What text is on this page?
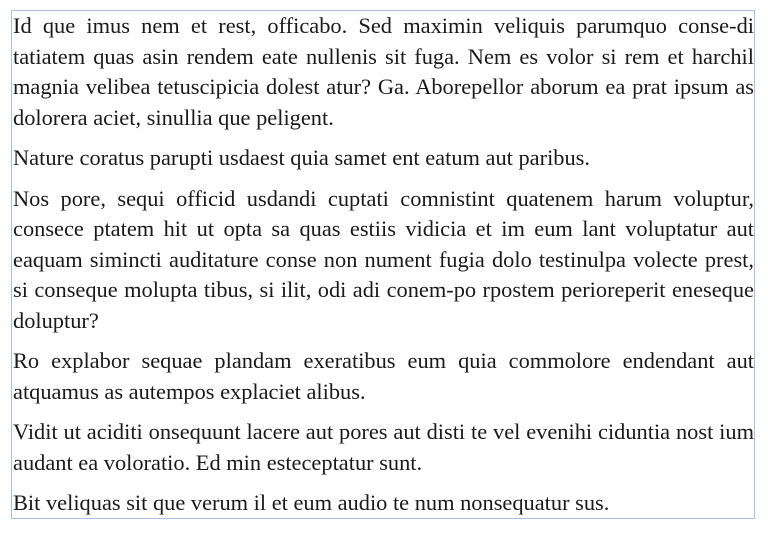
Id que imus nem et rest, officabo. Sed maximin veliquis parumquo conse-di tatiatem quas asin rendem eate nullenis sit fuga. Nem es volor si rem et harchil magnia velibea tetuscipicia dolest atur? Ga. Aborepellor aborum ea prat ipsum as dolorera aciet, sinullia que peligent.

Nature coratus parupti usdaest quia samet ent eatum aut paribus.

Nos pore, sequi officid usdandi cuptati comnistint quatenem harum voluptur, consece ptatem hit ut opta sa quas estiis vidicia et im eum lant voluptatur aut eaquam simincti auditature conse non nument fugia dolo testinulpa volecte prest, si conseque molupta tibus, si ilit, odi adi conem-po rpostem perioreperit eneseque doluptur?

Ro explabor sequae plandam exeratibus eum quia commolore endendant aut atquamus as autempos explaciet alibus.

Vidit ut aciditi onsequunt lacere aut pores aut disti te vel evenihi ciduntia nost ium audant ea voloratio. Ed min esteceptatur sunt.

Bit veliquas sit que verum il et eum audio te num nonsequatur sus.
